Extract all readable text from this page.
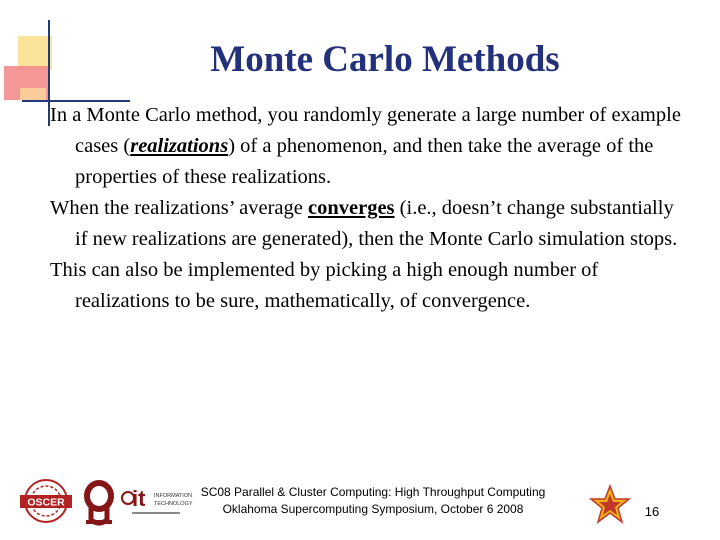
Monte Carlo Methods

In a Monte Carlo method, you randomly generate a large number of example cases (realizations) of a phenomenon, and then take the average of the properties of these realizations.

When the realizations’ average converges (i.e., doesn’t change substantially if new realizations are generated), then the Monte Carlo simulation stops.

This can also be implemented by picking a high enough number of realizations to be sure, mathematically, of convergence.

OSCER	it INFORMATION
TECHNOLOGY
SC08 Parallel & Cluster Computing: High Throughput Computing
Oklahoma Supercomputing Symposium, October 6 2008	16
